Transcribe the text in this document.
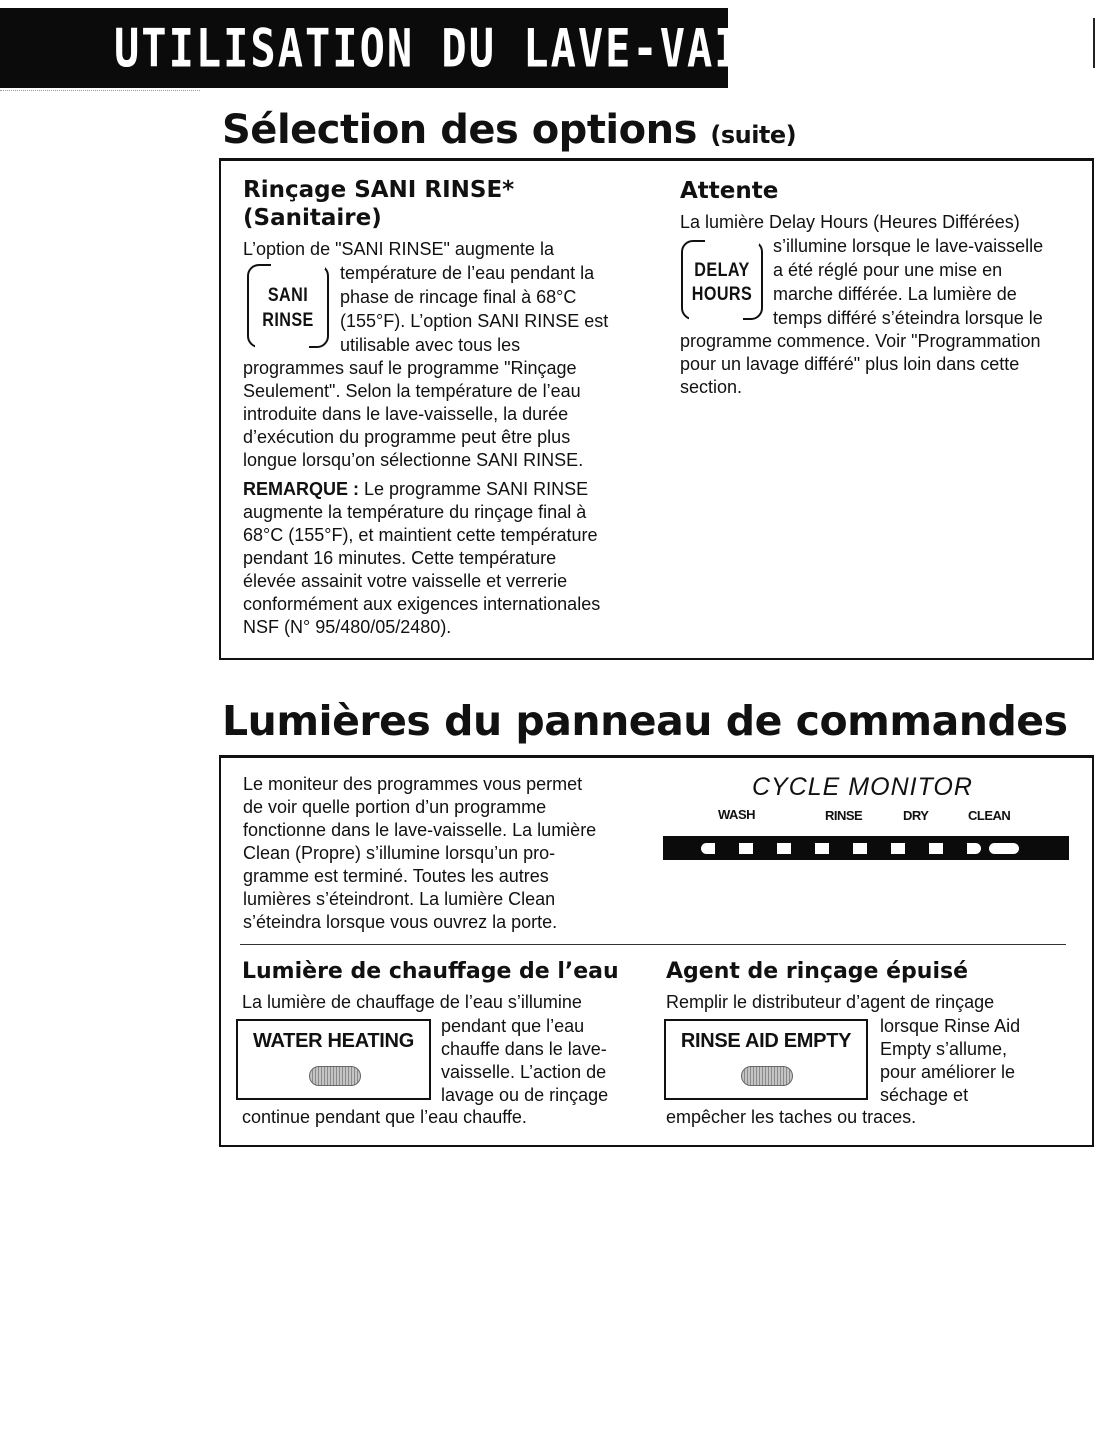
UTILISATION DU LAVE-VAISSELLE
Sélection des options (suite)
Rinçage SANI RINSE*
(Sanitaire)
L’option de "SANI RINSE" augmente la
SANI
RINSE
température de l’eau pendant la
phase de rincage final à 68°C
(155°F). L’option SANI RINSE est
utilisable avec tous les
programmes sauf le programme "Rinçage
Seulement". Selon la température de l’eau
introduite dans le lave-vaisselle, la durée
d’exécution du programme peut être plus
longue lorsqu’on sélectionne SANI RINSE.
REMARQUE : Le programme SANI RINSE
augmente la température du rinçage final à
68°C (155°F), et maintient cette température
pendant 16 minutes. Cette température
élevée assainit votre vaisselle et verrerie
conformément aux exigences internationales
NSF (N° 95/480/05/2480).
Attente
La lumière Delay Hours (Heures Différées)
DELAY
HOURS
s’illumine lorsque le lave-vaisselle
a été réglé pour une mise en
marche différée. La lumière de
temps différé s’éteindra lorsque le
programme commence. Voir "Programmation
pour un lavage différé" plus loin dans cette
section.
Lumières du panneau de commandes
Le moniteur des programmes vous permet
de voir quelle portion d’un programme
fonctionne dans le lave-vaisselle. La lumière
Clean (Propre) s’illumine lorsqu’un pro-
gramme est terminé. Toutes les autres
lumières s’éteindront. La lumière Clean
s’éteindra lorsque vous ouvrez la porte.
CYCLE MONITOR
WASH	RINSE	DRY	CLEAN
Lumière de chauffage de l’eau
La lumière de chauffage de l’eau s’illumine
WATER HEATING
pendant que l’eau
chauffe dans le lave-
vaisselle. L’action de
lavage ou de rinçage
continue pendant que l’eau chauffe.
Agent de rinçage épuisé
Remplir le distributeur d’agent de rinçage
RINSE AID EMPTY
lorsque Rinse Aid
Empty s’allume,
pour améliorer le
séchage et
empêcher les taches ou traces.
